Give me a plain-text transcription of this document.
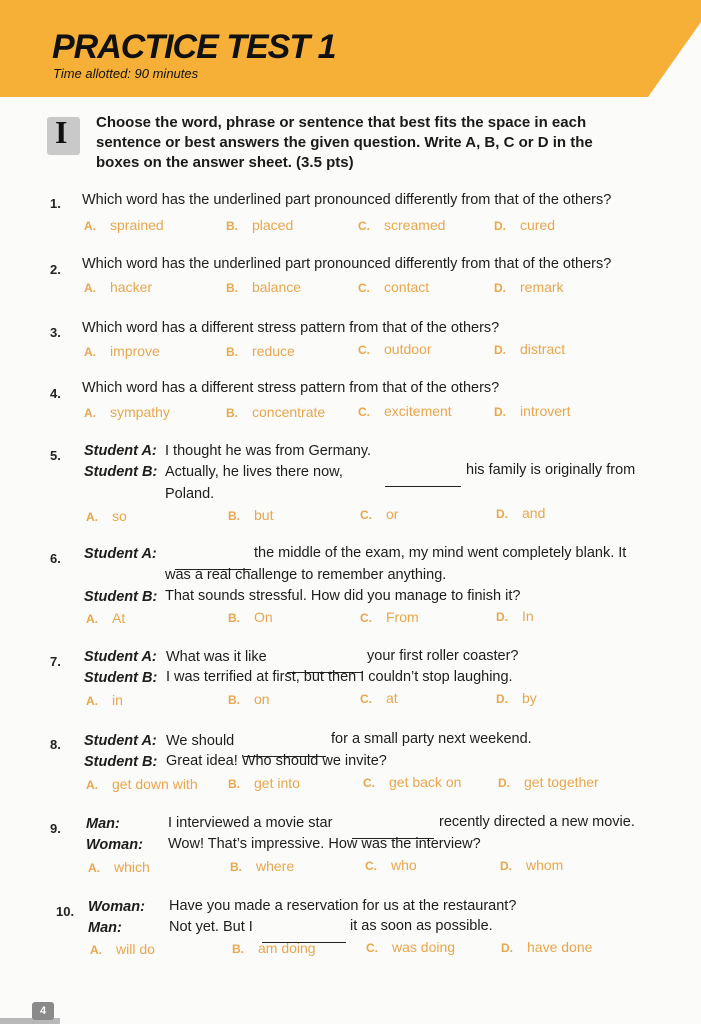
PRACTICE TEST 1
Time allotted: 90 minutes
I Choose the word, phrase or sentence that best fits the space in each
sentence or best answers the given question. Write A, B, C or D in the
boxes on the answer sheet. (3.5 pts)
1. Which word has the underlined part pronounced differently from that of the others?
A. sprained	B. placed	C. screamed	D. cured
2. Which word has the underlined part pronounced differently from that of the others?
A. hacker	B. balance	C. contact	D. remark
3. Which word has a different stress pattern from that of the others?
A. improve	B. reduce	C. outdoor	D. distract
4. Which word has a different stress pattern from that of the others?
A. sympathy	B. concentrate	C. excitement	D. introvert
5. Student A: I thought he was from Germany.
Student B: Actually, he lives there now,	his family is originally from
Poland.
A. so	B. but	C. or	D. and
6. Student A:	the middle of the exam, my mind went completely blank. It
was a real challenge to remember anything.
Student B: That sounds stressful. How did you manage to finish it?
A. At	B. On	C. From	D. In
7. Student A: What was it like	your first roller coaster?
Student B: I was terrified at first, but then I couldn’t stop laughing.
A. in	B. on	C. at	D. by
8. Student A: We should	for a small party next weekend.
Student B: Great idea! Who should we invite?
A. get down with	B. get into	C. get back on	D. get together
9. Man:	I interviewed a movie star	recently directed a new movie.
Woman: Wow! That’s impressive. How was the interview?
A. which	B. where	C. who	D. whom
10. Woman: Have you made a reservation for us at the restaurant?
Man:	Not yet. But I	it as soon as possible.
A. will do	B. am doing	C. was doing	D. have done
4
